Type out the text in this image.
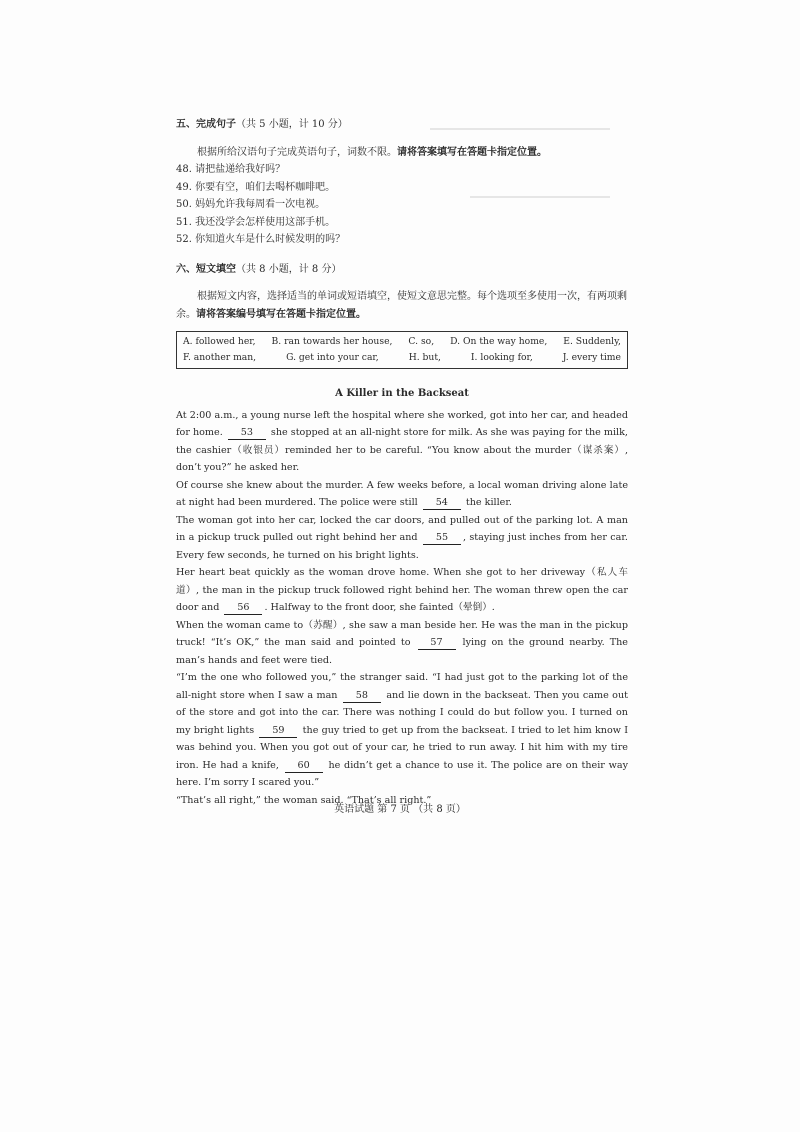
五、完成句子（共 5 小题，计 10 分）

根据所给汉语句子完成英语句子，词数不限。请将答案填写在答题卡指定位置。

48. 请把盐递给我好吗？

49. 你要有空，咱们去喝杯咖啡吧。

50. 妈妈允许我每周看一次电视。

51. 我还没学会怎样使用这部手机。

52. 你知道火车是什么时候发明的吗？

六、短文填空（共 8 小题，计 8 分）

根据短文内容，选择适当的单词或短语填空，使短文意思完整。每个选项至多使用一次，有两项剩余。请将答案编号填写在答题卡指定位置。

A. followed her, B. ran towards her house, C. so, D. On the way home, E. Suddenly,
F. another man,	G. get into your car,	H. but,	I. looking for,	J. every time
A Killer in the Backseat

At 2:00 a.m., a young nurse left the hospital where she worked, got into her car, and headed for home. 53 she stopped at an all-night store for milk. As she was paying for the milk, the cashier（收银员）reminded her to be careful. “You know about the murder（谋杀案）, don’t you?” he asked her.

Of course she knew about the murder. A few weeks before, a local woman driving alone late at night had been murdered. The police were still 54 the killer.

The woman got into her car, locked the car doors, and pulled out of the parking lot. A man in a pickup truck pulled out right behind her and 55 , staying just inches from her car. Every few seconds, he turned on his bright lights.

Her heart beat quickly as the woman drove home. When she got to her driveway（私人车道）, the man in the pickup truck followed right behind her. The woman threw open the car door and 56 . Halfway to the front door, she fainted（晕倒）.

When the woman came to（苏醒）, she saw a man beside her. He was the man in the pickup truck! “It’s OK,” the man said and pointed to 57 lying on the ground nearby. The man’s hands and feet were tied.

“I’m the one who followed you,” the stranger said. “I had just got to the parking lot of the all-night store when I saw a man 58 and lie down in the backseat. Then you came out of the store and got into the car. There was nothing I could do but follow you. I turned on my bright lights 59 the guy tried to get up from the backseat. I tried to let him know I was behind you. When you got out of your car, he tried to run away. I hit him with my tire iron. He had a knife, 60 he didn’t get a chance to use it. The police are on their way here. I’m sorry I scared you.”

“That’s all right,” the woman said. “That’s all right.”

英语试题 第 7 页 （共 8 页）
